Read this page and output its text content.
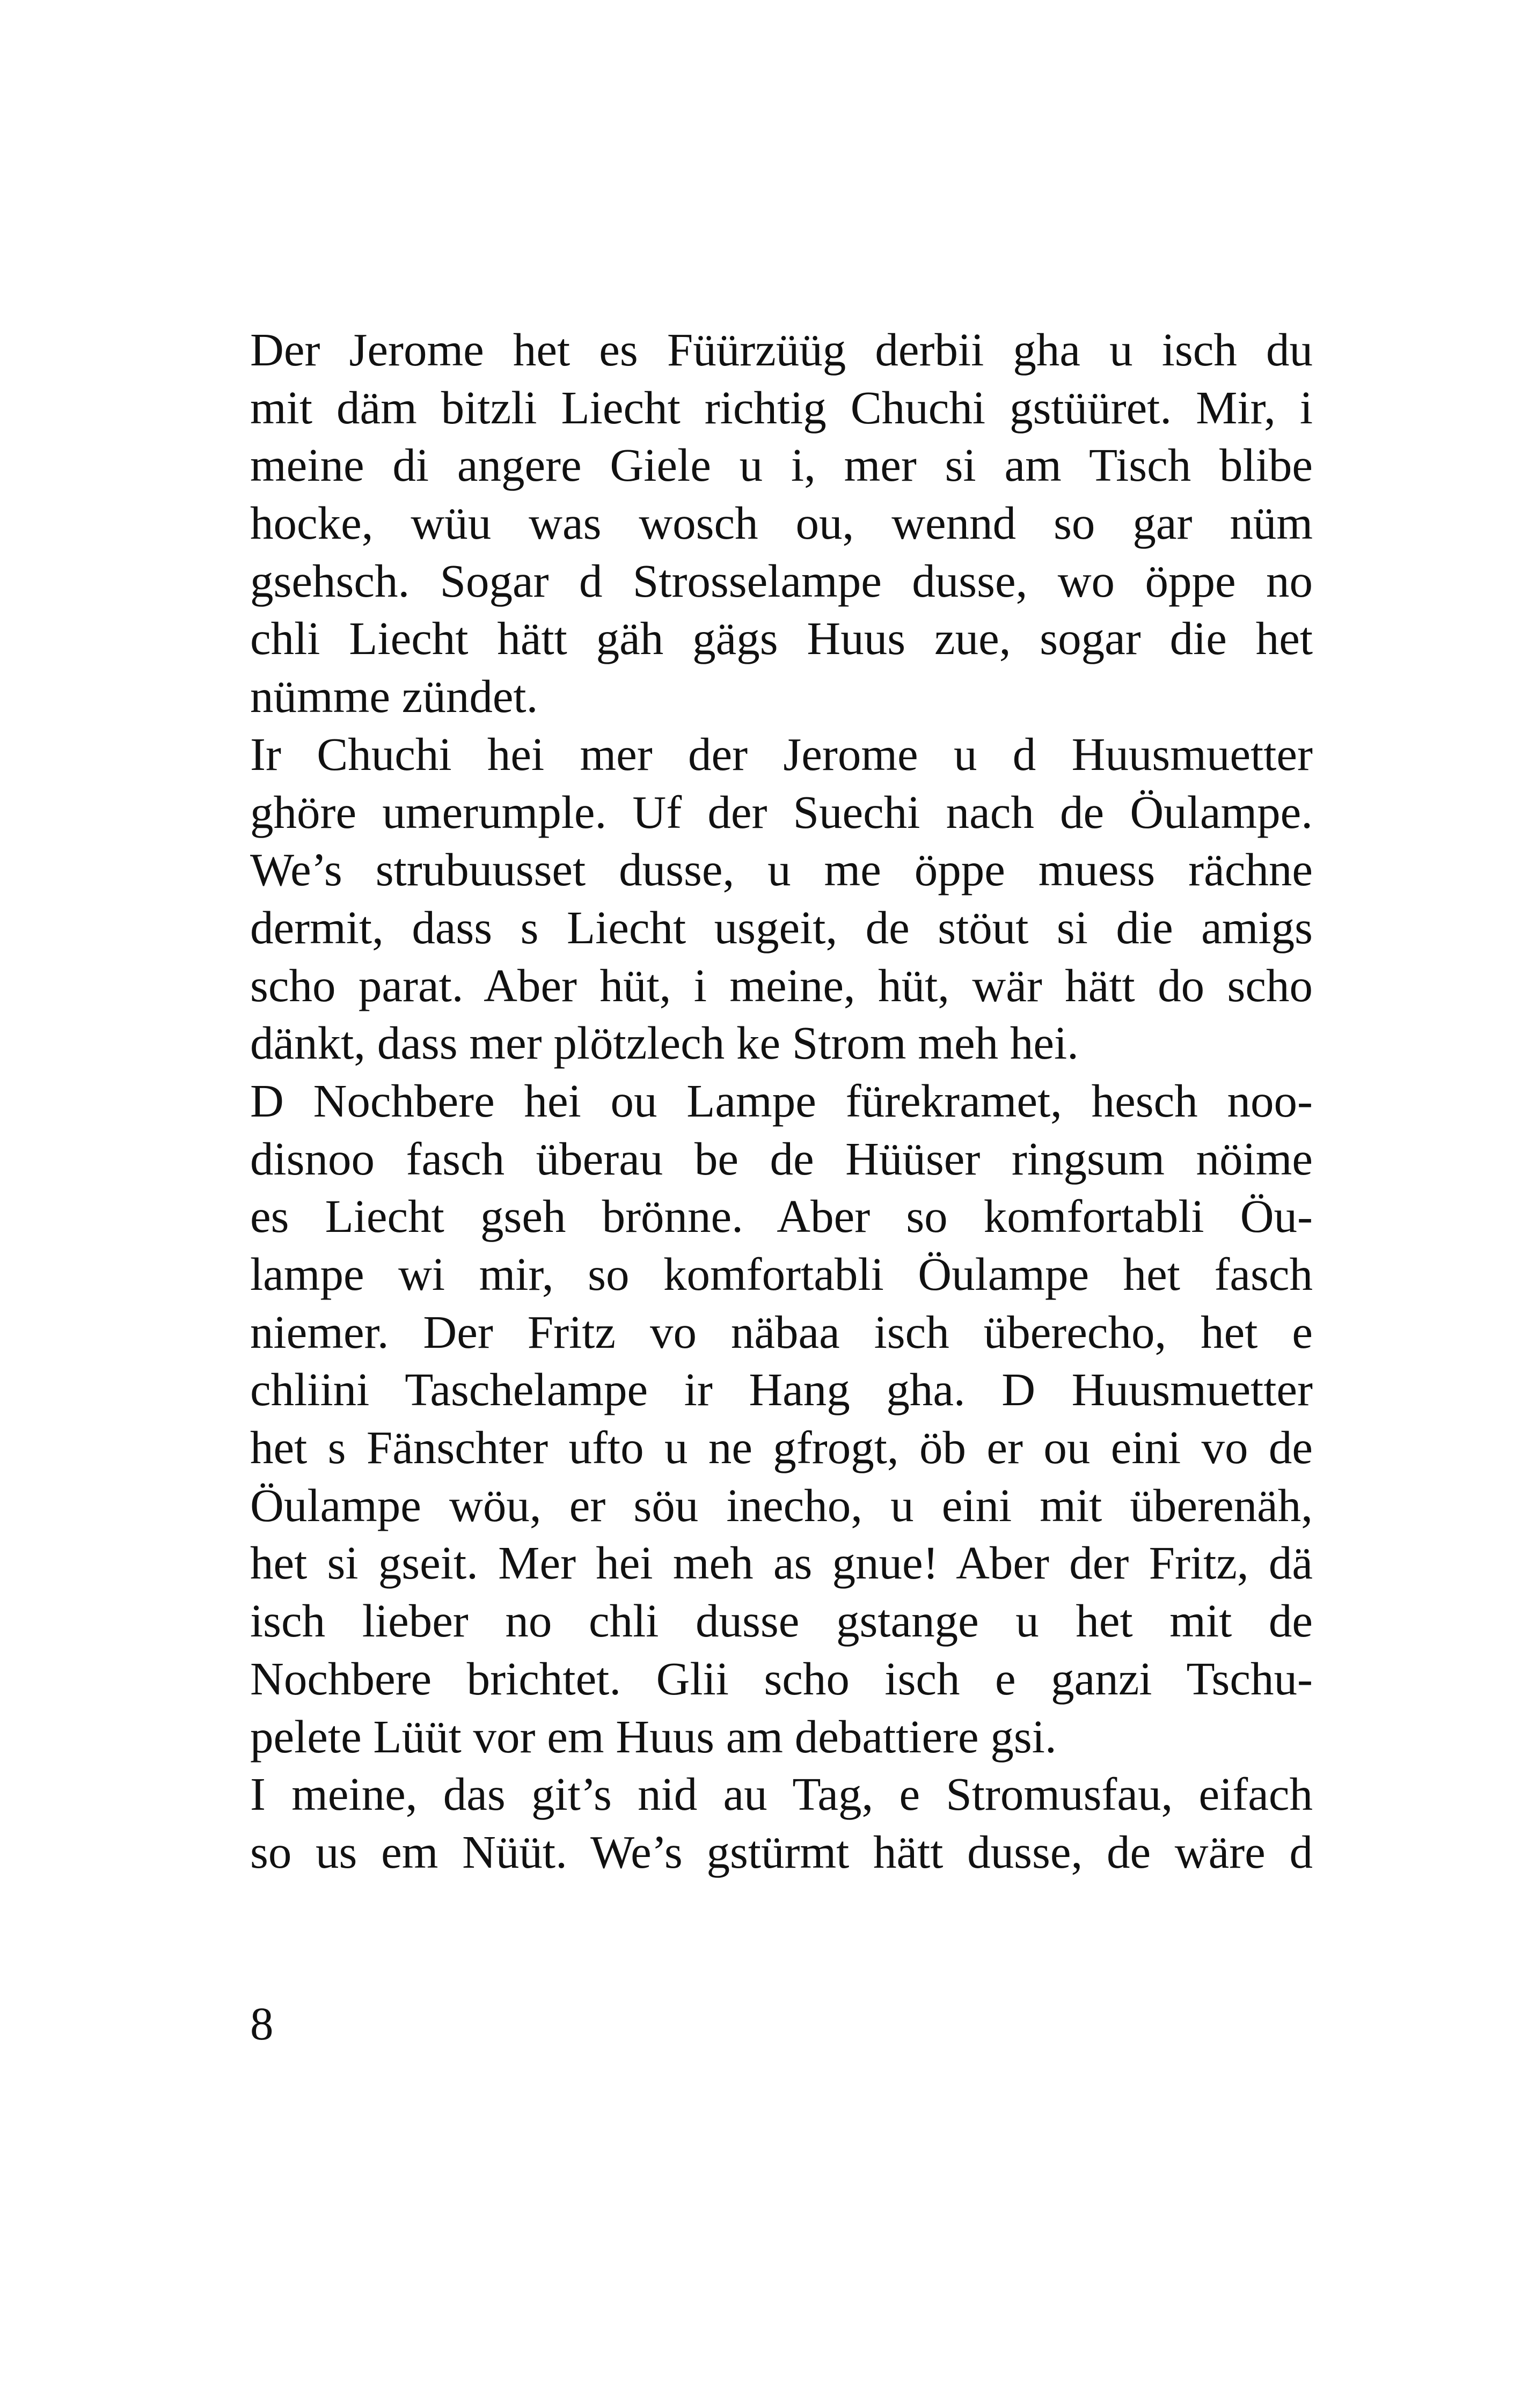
Der Jerome het es Füürzüüg derbii gha u isch du
mit däm bitzli Liecht richtig Chuchi gstüüret. Mir, i
meine di angere Giele u i, mer si am Tisch blibe
hocke, wüu was wosch ou, wennd so gar nüm
gsehsch. Sogar d Strosselampe dusse, wo öppe no
chli Liecht hätt gäh gägs Huus zue, sogar die het
nümme zündet.
Ir Chuchi hei mer der Jerome u d Huusmuetter
ghöre umerumple. Uf der Suechi nach de Öulampe.
We’s strubuusset dusse, u me öppe muess rächne
dermit, dass s Liecht usgeit, de stöut si die amigs
scho parat. Aber hüt, i meine, hüt, wär hätt do scho
dänkt, dass mer plötzlech ke Strom meh hei.
D Nochbere hei ou Lampe fürekramet, hesch noo-
disnoo fasch überau be de Hüüser ringsum nöime
es Liecht gseh brönne. Aber so komfortabli Öu-
lampe wi mir, so komfortabli Öulampe het fasch
niemer. Der Fritz vo näbaa isch überecho, het e
chliini Taschelampe ir Hang gha. D Huusmuetter
het s Fänschter ufto u ne gfrogt, öb er ou eini vo de
Öulampe wöu, er söu inecho, u eini mit überenäh,
het si gseit. Mer hei meh as gnue! Aber der Fritz, dä
isch lieber no chli dusse gstange u het mit de
Nochbere brichtet. Glii scho isch e ganzi Tschu-
pelete Lüüt vor em Huus am debattiere gsi.
I meine, das git’s nid au Tag, e Stromusfau, eifach
so us em Nüüt. We’s gstürmt hätt dusse, de wäre d
8
